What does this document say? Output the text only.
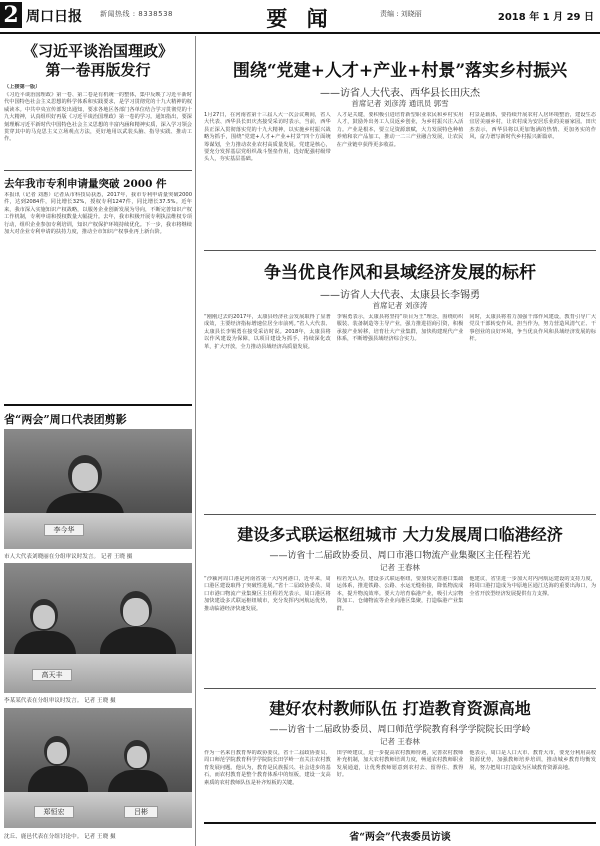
2 周口日报	新闻热线 : 8338538	要 闻	责编 : 刘晓丽	2018 年 1 月 29 日
《习近平谈治国理政》
第一卷再版发行
（上接第一版）
《习近平谈治国理政》第一卷、第二卷是有机统一的整体，集中反映了习近平新时代中国特色社会主义思想的科学体系和实践要求，是学习贯彻党的十九大精神的权威读本。中共中央宣传部发出通知，要求各地区各部门各单位结合学习贯彻党的十九大精神，认真组织好再版《习近平谈治国理政》第一卷的学习。通知指出，要深刻理解习近平新时代中国特色社会主义思想的丰富内涵和精神实质，深入学习领会贯穿其中的马克思主义立场观点方法，更好地用以武装头脑、指导实践、推动工作。
去年我市专利申请量突破 2000 件
本报讯（记者 刘惠）记者从市科技局获悉，2017年，我市专利申请量突破2000件，达到2084件，同比增长32%，授权专利1247件，同比增长37.5%。近年来，我市深入实施知识产权战略，以服务企业创新发展为导向，不断完善知识产权工作机制，专利申请和授权数量大幅提升。去年，我市积极开展专利执法维权专项行动，组织企业参加专利培训，知识产权保护环境持续优化。下一步，我市将继续加大对企业专利申请的扶持力度，推动全市知识产权事业再上新台阶。
省“两会”周口代表团剪影
李今华
市人大代表刘晓丽在分组审议时发言。 记者 王晓 摄
高天丰
李某某代表在分组审议时发言。 记者 王晓 摄
郑恒宏	吕彬
沈丘、鹿邑代表在分组讨论中。 记者 王晓 摄
围绕“党建+人才+产业+村景”落实乡村振兴
——访省人大代表、西华县长田庆杰
首席记者 刘彦涛 通讯员 郭雪
1月27日，在河南省第十三届人大一次会议期间，省人大代表、西华县长田庆杰接受采访时表示，当前，西华县正深入贯彻落实党的十九大精神，以实施乡村振兴战略为抓手，围绕“党建+人才+产业+村景”四个方面统筹谋划，全力推动农业农村高质量发展。党建是核心，要充分发挥基层党组织战斗堡垒作用，选好配强村级带头人，夯实基层基础。
人才是关键，要积极引进培育新型职业农民和乡村实用人才，鼓励外出务工人员返乡创业，为乡村振兴注入活力。产业是根本，要立足资源禀赋，大力发展特色种植养殖和农产品加工，推动一二三产业融合发展，让农民在产业链中获得更多收益。
村景是载体，要持续开展农村人居环境整治，建设生态宜居美丽乡村，让农村成为安居乐业的美丽家园。田庆杰表示，西华县将以更加饱满的热情、更加务实的作风，奋力谱写新时代乡村振兴新篇章。
争当优良作风和县域经济发展的标杆
——访省人大代表、太康县长李锡勇
首席记者 刘彦涛
“刚刚过去的2017年，太康县经济社会发展取得了显著成效，主要经济指标增速位居全市前列。”省人大代表、太康县长李锡勇在接受采访时说。2018年，太康县将以作风建设为保障，以项目建设为抓手，持续深化改革，扩大开放，全力推动县域经济高质量发展。
李锡勇表示，太康县将坚持“项目为王”理念，围绕纺织服装、装备制造等主导产业，强力推进招商引资，积极承接产业转移，培育壮大产业集群，加快构建现代产业体系，不断增强县域经济综合实力。
同时，太康县将着力加强干部作风建设，教育引导广大党员干部转变作风、担当作为，努力营造风清气正、干事创业的良好环境，争当优良作风和县域经济发展的标杆。
建设多式联运枢纽城市 大力发展周口临港经济
——访省十二届政协委员、周口市港口物流产业集聚区主任程若光
记者 王春林
“沙颍河周口港是河南省第一大内河港口，近年来，周口港区建设取得了突破性进展。”省十二届政协委员、周口市港口物流产业集聚区主任程若光表示，周口港区将加快建设多式联运枢纽城市，充分发挥内河航运优势，推动临港经济快速发展。
程若光认为，建设多式联运枢纽，要加快完善港口集疏运体系，推进铁路、公路、水运无缝衔接，降低物流成本，提升物流效率。要大力培育临港产业，吸引大宗物资加工、仓储物流等企业向港区集聚，打造临港产业集群。
他建议，省里进一步加大对内河航运建设的支持力度，将周口港打造成为中原地区通江达海的重要出海口，为全省开放型经济发展提供有力支撑。
建好农村教师队伍 打造教育资源高地
——访省十二届政协委员、周口师范学院教育科学学院院长田学岭
记者 王春林
作为一名来自教育界的政协委员，省十二届政协委员、周口师范学院教育科学学院院长田学岭一直关注农村教育发展问题。他认为，教育是民族振兴、社会进步的基石，而农村教育是整个教育体系中的短板，建设一支高素质的农村教师队伍是补齐短板的关键。
田学岭建议，进一步提高农村教师待遇，完善农村教师补充机制，加大农村教师培训力度，畅通农村教师职业发展通道，让优秀教师愿意到农村去、留得住、教得好。
他表示，周口是人口大市、教育大市，要充分利用高校资源优势，加强教师培养培训，推动城乡教育均衡发展，努力把周口打造成为区域教育资源高地。
省“两会”代表委员访谈
